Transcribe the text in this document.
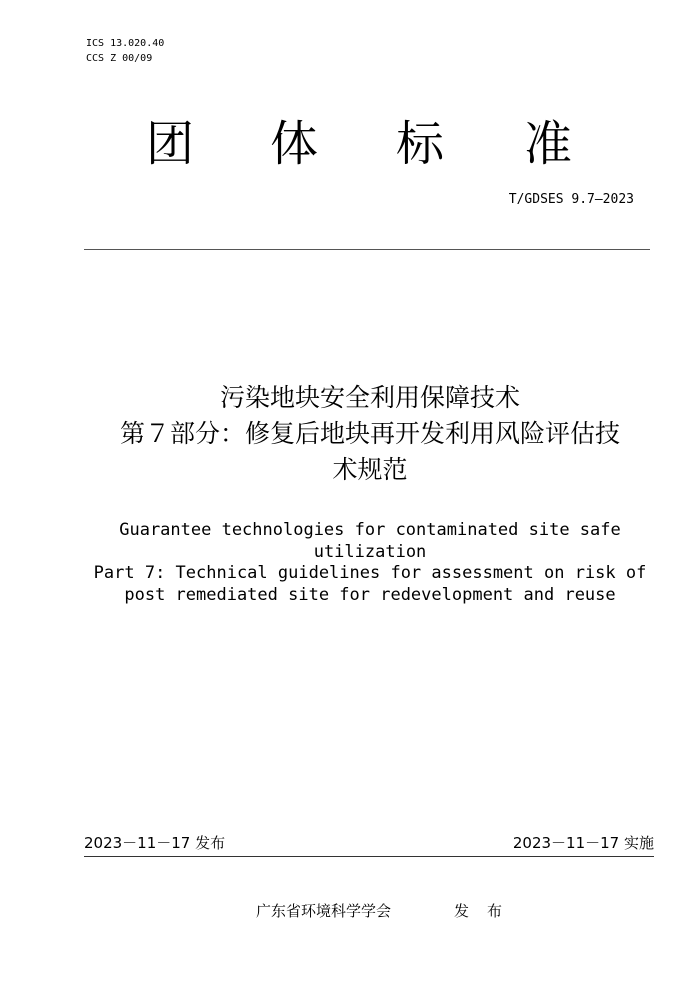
ICS 13.020.40
CCS Z 00/09
团 体 标 准
T/GDSES 9.7—2023
污染地块安全利用保障技术
第７部分：修复后地块再开发利用风险评估技
术规范
Guarantee technologies for contaminated site safe
utilization
Part 7: Technical guidelines for assessment on risk of
post remediated site for redevelopment and reuse
2023－11－17 发布	2023－11－17 实施
广东省环境科学学会	发布
